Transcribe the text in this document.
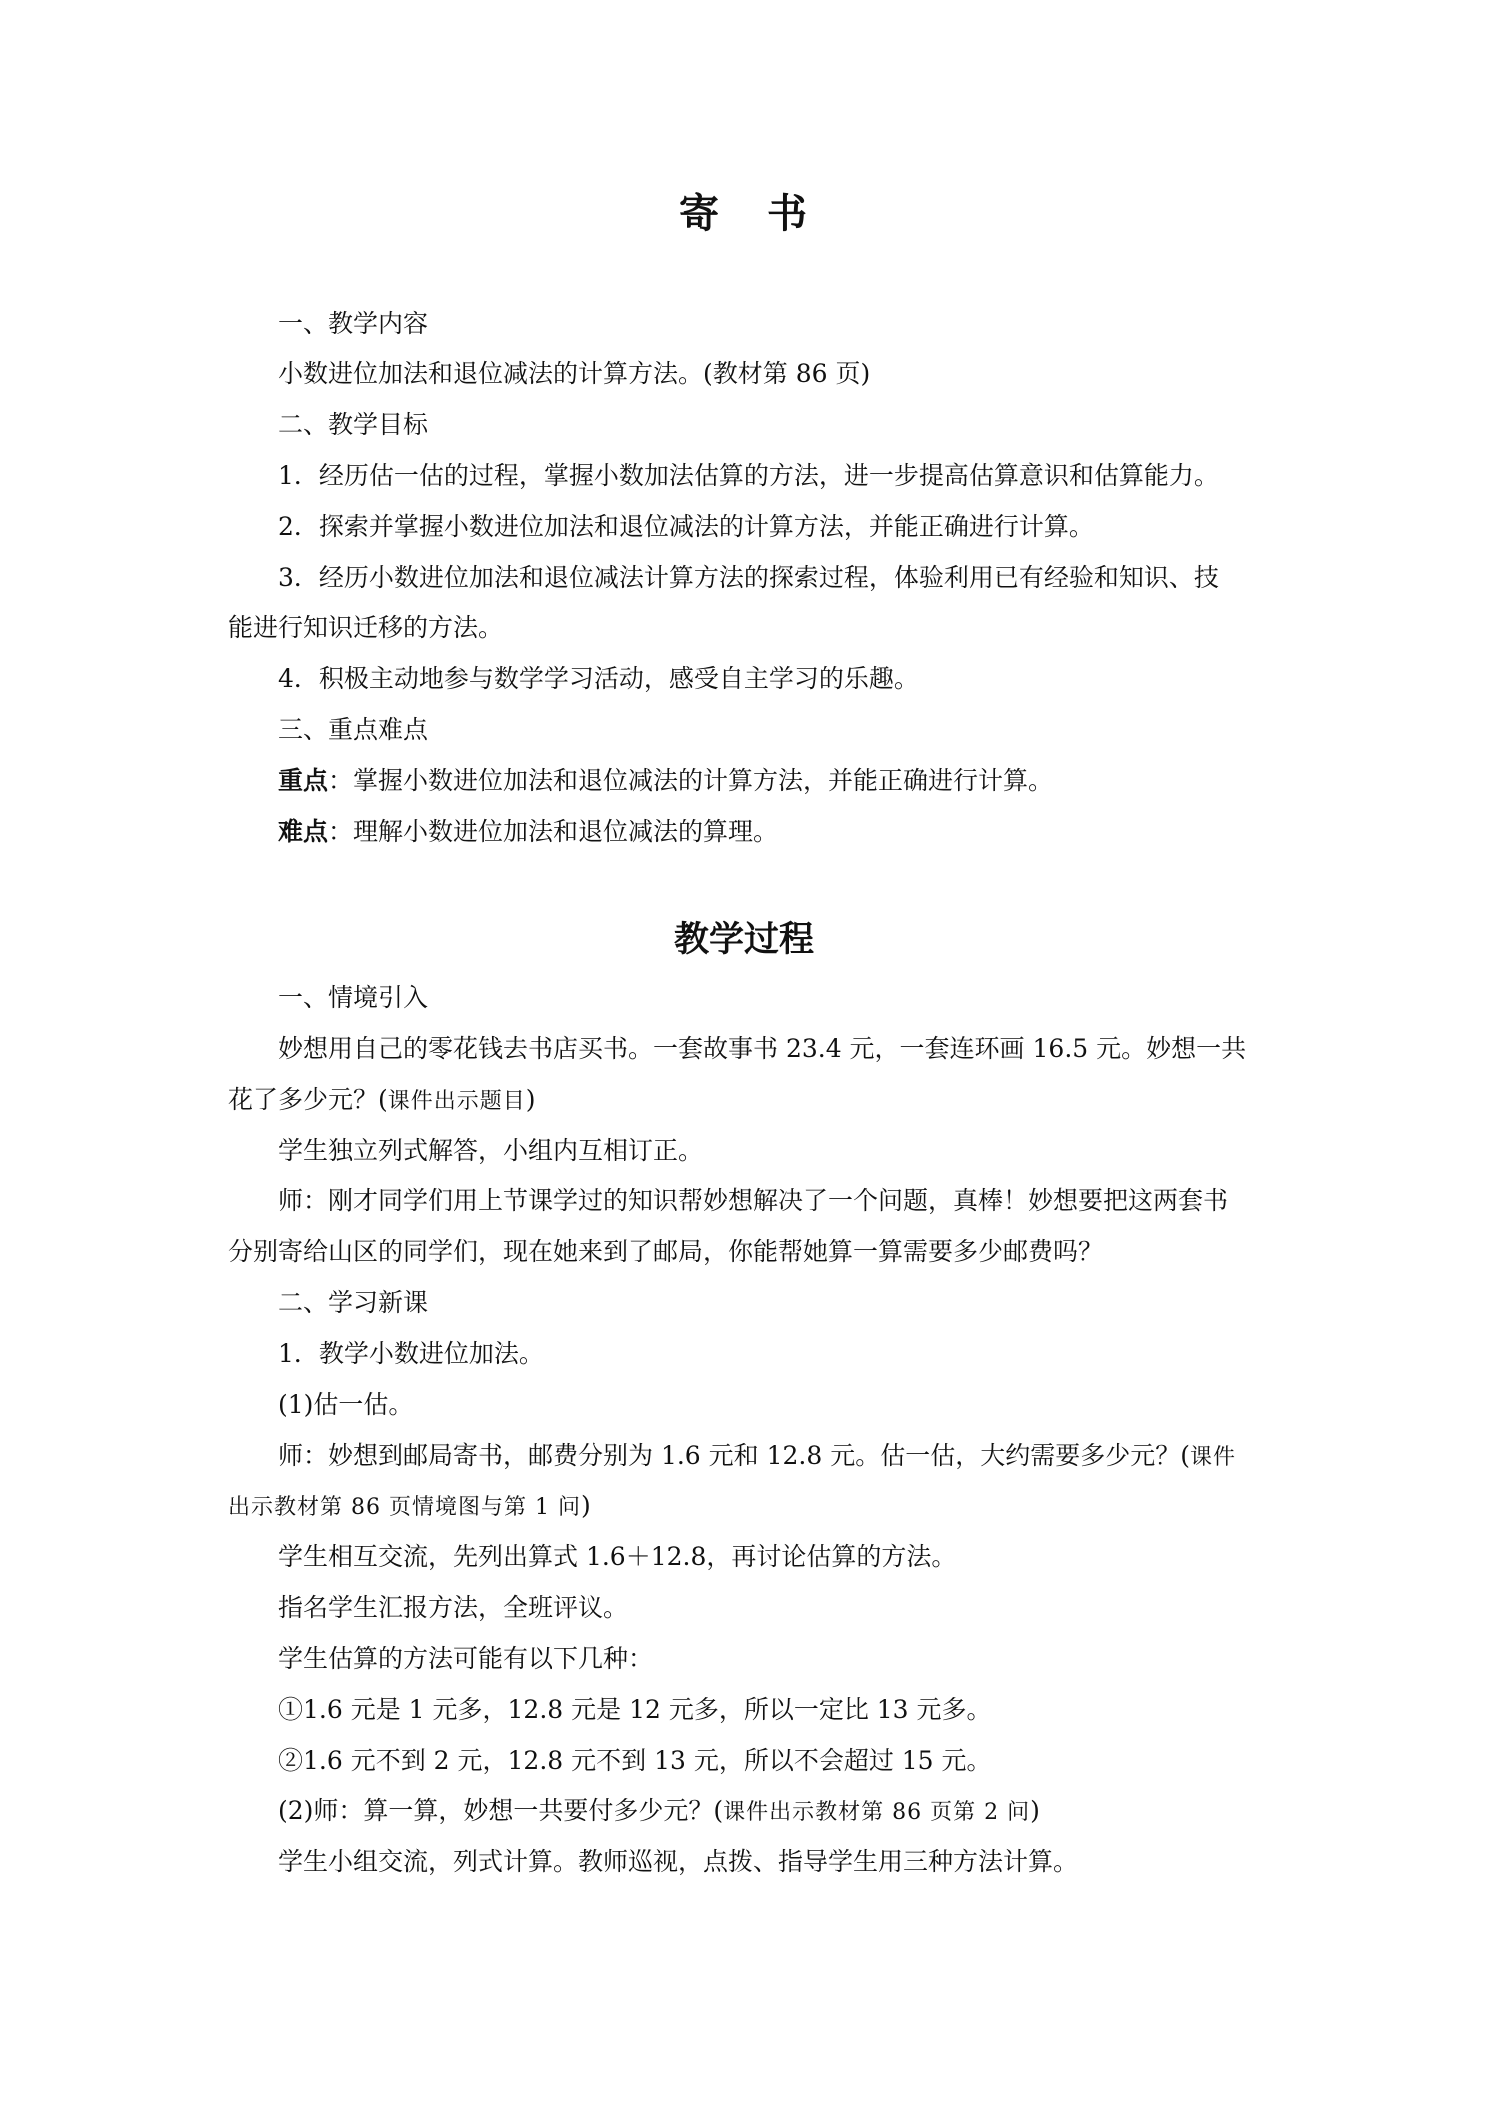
寄 书
一、教学内容
小数进位加法和退位减法的计算方法。(教材第 86 页)
二、教学目标
1．经历估一估的过程，掌握小数加法估算的方法，进一步提高估算意识和估算能力。
2．探索并掌握小数进位加法和退位减法的计算方法，并能正确进行计算。
3．经历小数进位加法和退位减法计算方法的探索过程，体验利用已有经验和知识、技
能进行知识迁移的方法。
4．积极主动地参与数学学习活动，感受自主学习的乐趣。
三、重点难点
重点：掌握小数进位加法和退位减法的计算方法，并能正确进行计算。
难点：理解小数进位加法和退位减法的算理。
教学过程
一、情境引入
妙想用自己的零花钱去书店买书。一套故事书 23.4 元，一套连环画 16.5 元。妙想一共
花了多少元？(课件出示题目)
学生独立列式解答，小组内互相订正。
师：刚才同学们用上节课学过的知识帮妙想解决了一个问题，真棒！妙想要把这两套书
分别寄给山区的同学们，现在她来到了邮局，你能帮她算一算需要多少邮费吗？
二、学习新课
1．教学小数进位加法。
(1)估一估。
师：妙想到邮局寄书，邮费分别为 1.6 元和 12.8 元。估一估，大约需要多少元？(课件
出示教材第 86 页情境图与第 1 问)
学生相互交流，先列出算式 1.6＋12.8，再讨论估算的方法。
指名学生汇报方法，全班评议。
学生估算的方法可能有以下几种：
①1.6 元是 1 元多，12.8 元是 12 元多，所以一定比 13 元多。
②1.6 元不到 2 元，12.8 元不到 13 元，所以不会超过 15 元。
(2)师：算一算，妙想一共要付多少元？(课件出示教材第 86 页第 2 问)
学生小组交流，列式计算。教师巡视，点拨、指导学生用三种方法计算。
